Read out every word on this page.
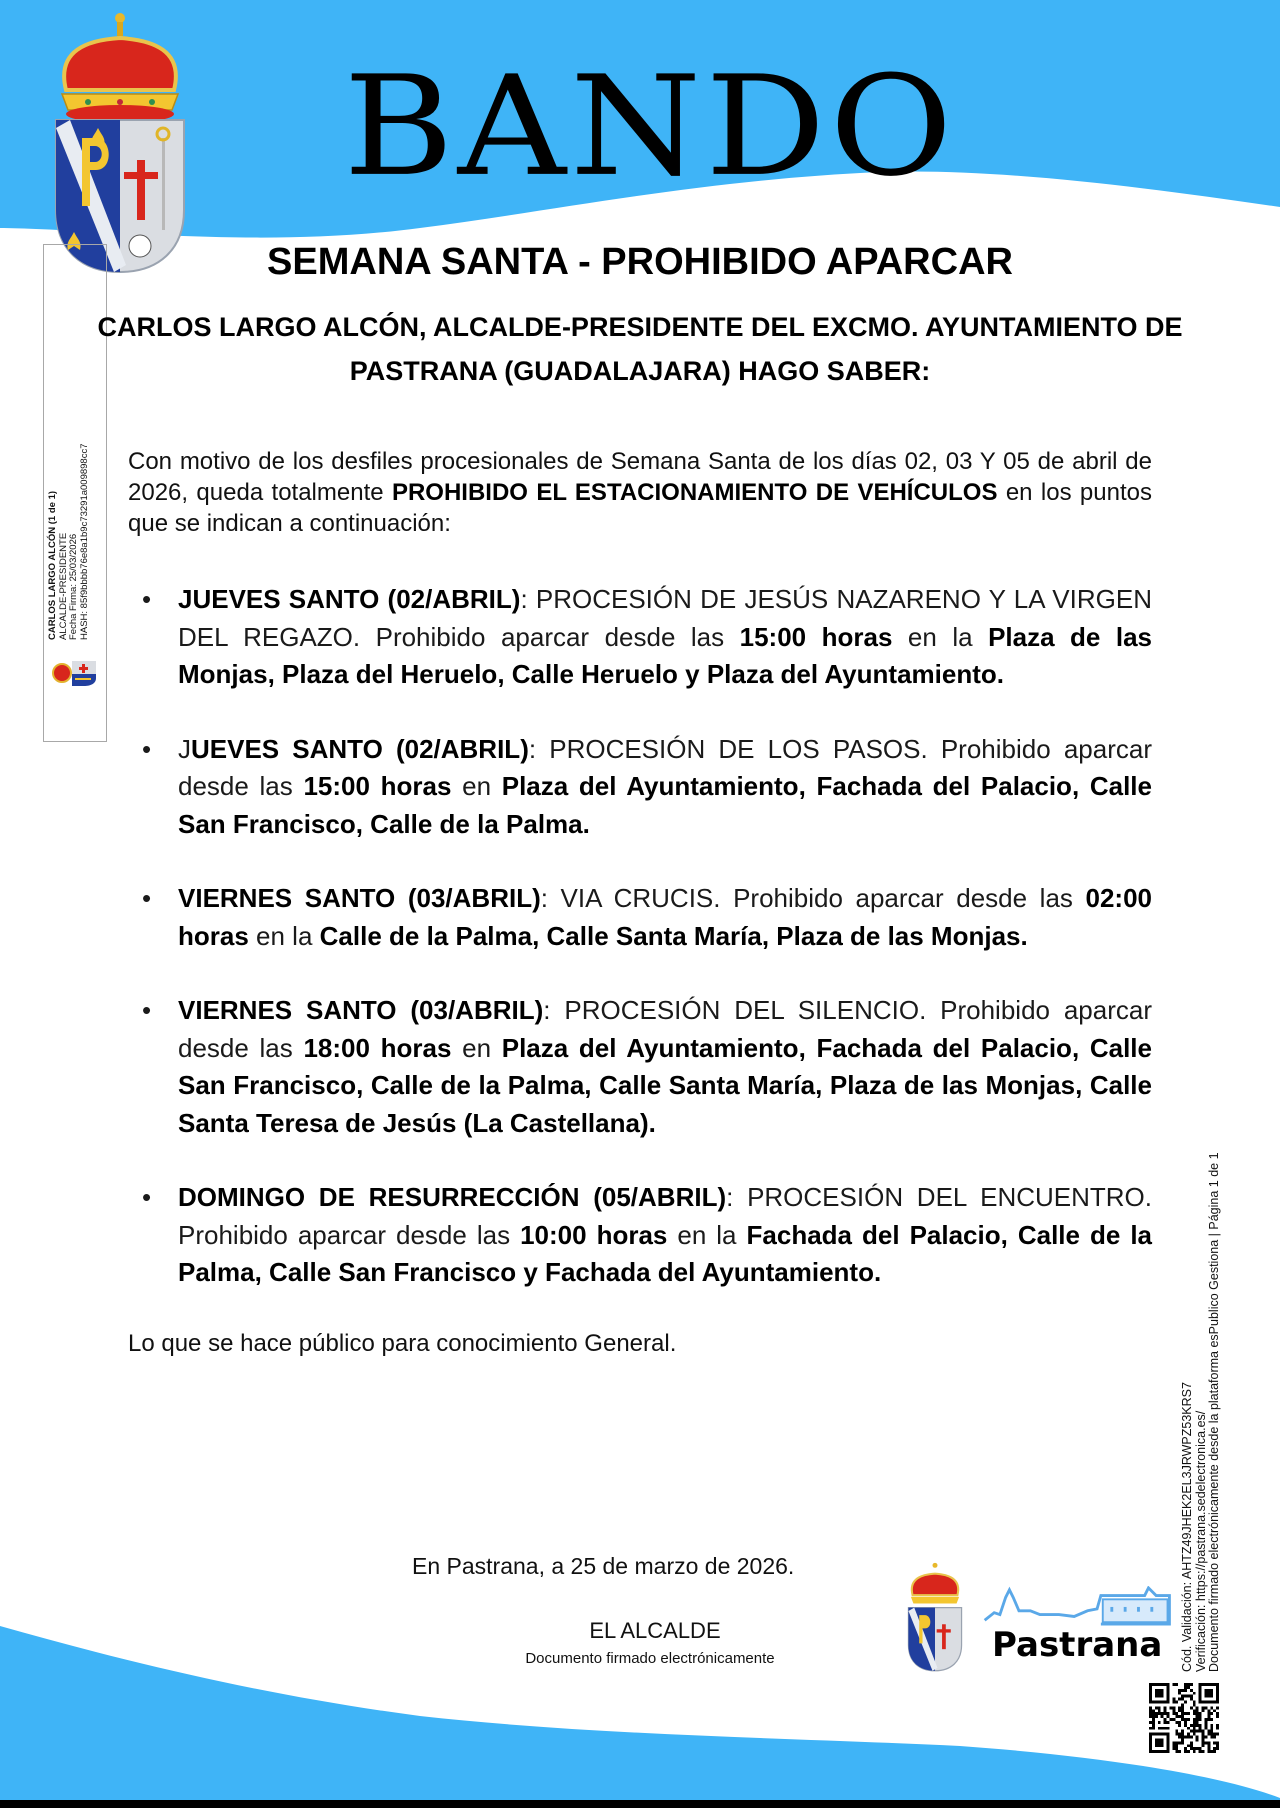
CARLOS LARGO ALCÓN (1 de 1) ALCALDE-PRESIDENTE Fecha Firma: 25/03/2026 HASH: 85f9bbbb76e8a1b9c73291a009898cc7
BANDO
SEMANA SANTA - PROHIBIDO APARCAR
CARLOS LARGO ALCÓN, ALCALDE-PRESIDENTE DEL EXCMO. AYUNTAMIENTO DE
PASTRANA (GUADALAJARA) HAGO SABER:
Con motivo de los desfiles procesionales de Semana Santa de los días 02, 03 Y 05 de abril de 2026, queda totalmente PROHIBIDO EL ESTACIONAMIENTO DE VEHÍCULOS en los puntos que se indican a continuación:
• JUEVES SANTO (02/ABRIL): PROCESIÓN DE JESÚS NAZARENO Y LA VIRGEN DEL REGAZO. Prohibido aparcar desde las 15:00 horas en la Plaza de las Monjas, Plaza del Heruelo, Calle Heruelo y Plaza del Ayuntamiento.
• JUEVES SANTO (02/ABRIL): PROCESIÓN DE LOS PASOS. Prohibido aparcar desde las 15:00 horas en Plaza del Ayuntamiento, Fachada del Palacio, Calle San Francisco, Calle de la Palma.
• VIERNES SANTO (03/ABRIL): VIA CRUCIS. Prohibido aparcar desde las 02:00 horas en la Calle de la Palma, Calle Santa María, Plaza de las Monjas.
• VIERNES SANTO (03/ABRIL): PROCESIÓN DEL SILENCIO. Prohibido aparcar desde las 18:00 horas en Plaza del Ayuntamiento, Fachada del Palacio, Calle San Francisco, Calle de la Palma, Calle Santa María, Plaza de las Monjas, Calle Santa Teresa de Jesús (La Castellana).
• DOMINGO DE RESURRECCIÓN (05/ABRIL): PROCESIÓN DEL ENCUENTRO. Prohibido aparcar desde las 10:00 horas en la Fachada del Palacio, Calle de la Palma, Calle San Francisco y Fachada del Ayuntamiento.
Lo que se hace público para conocimiento General.
En Pastrana, a 25 de marzo de 2026.
EL ALCALDE
Documento firmado electrónicamente	Pastrana Cód. Validación: AHTZ49JHEK2EL3JRWPZ53KRS7 Verificación: https://pastrana.sedelectronica.es/ Documento firmado electrónicamente desde la plataforma esPublico Gestiona | Página 1 de 1
